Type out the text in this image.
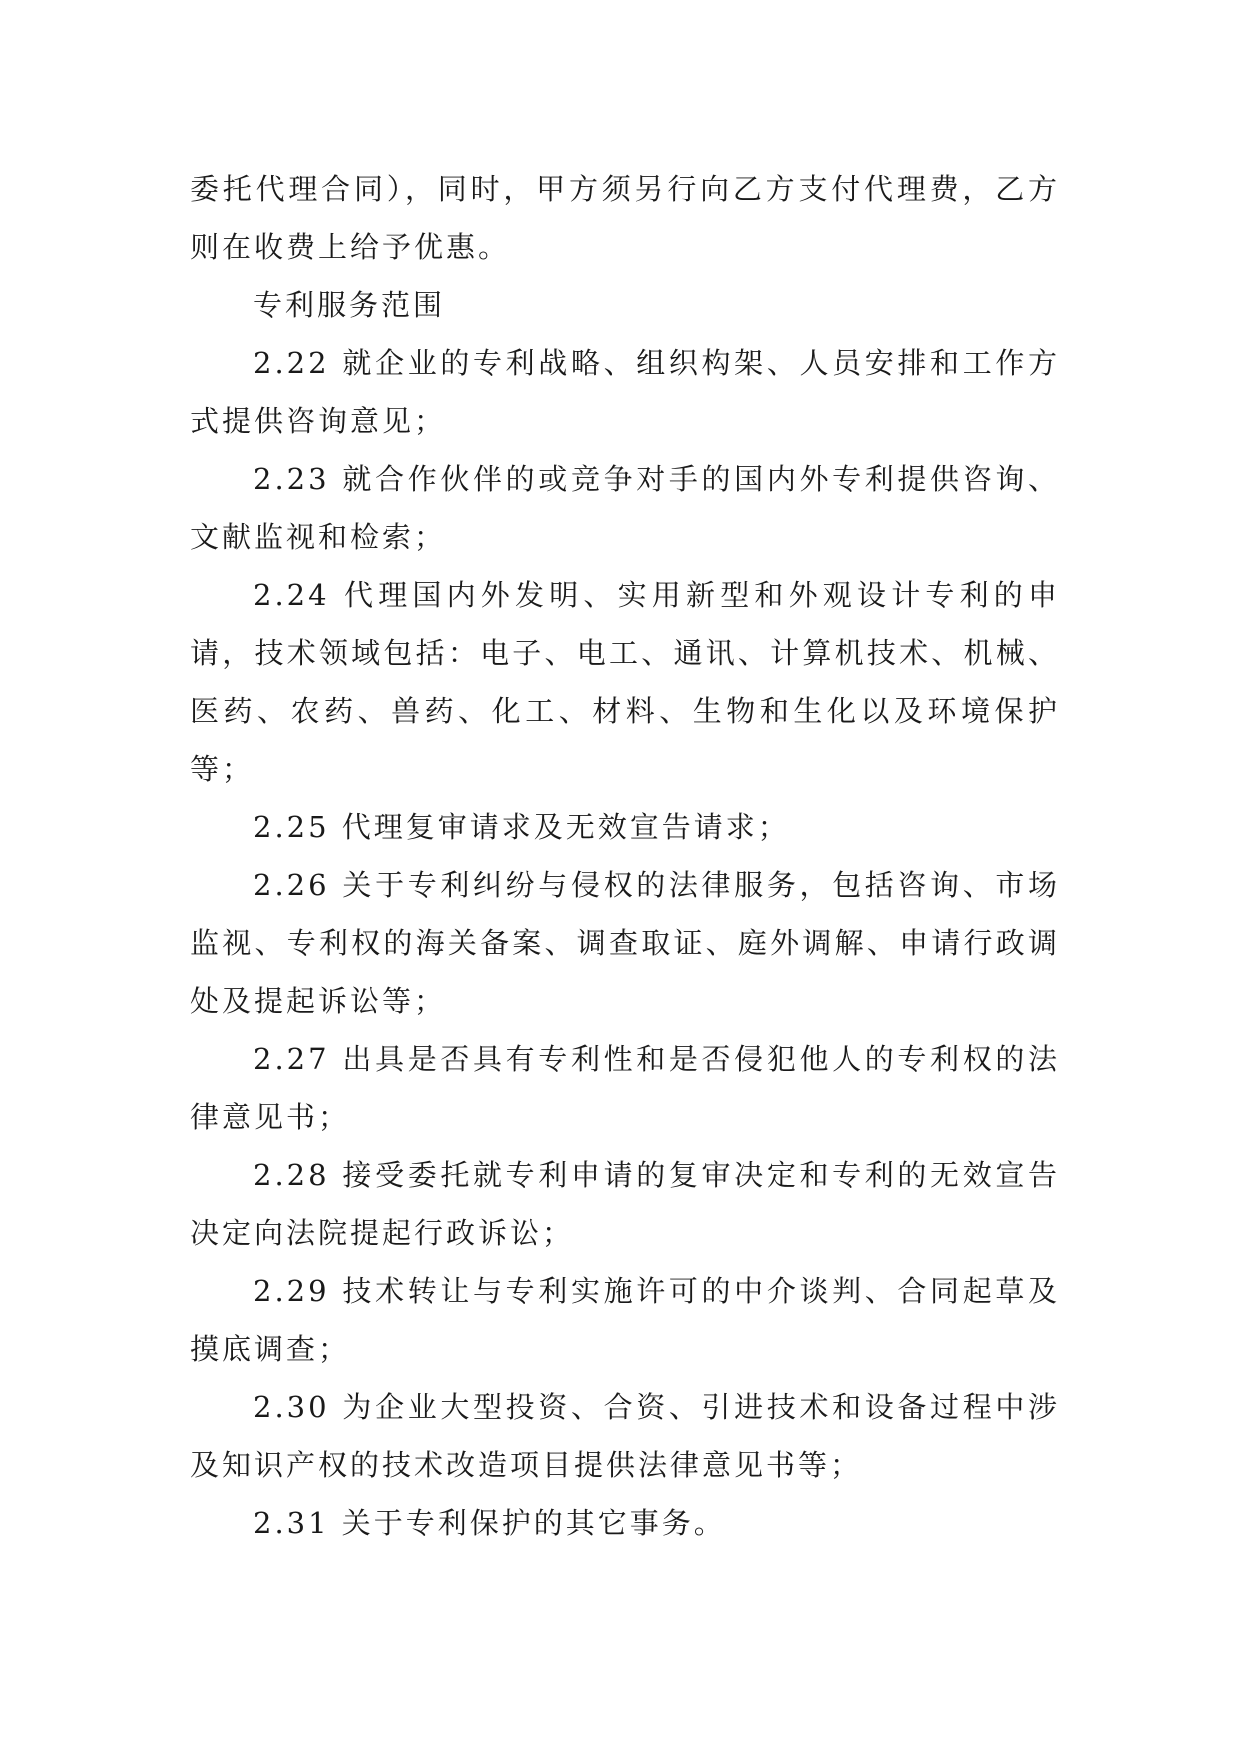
委托代理合同），同时，甲方须另行向乙方支付代理费，乙方则在收费上给予优惠。

专利服务范围

2.22 就企业的专利战略、组织构架、人员安排和工作方式提供咨询意见；

2.23 就合作伙伴的或竞争对手的国内外专利提供咨询、文献监视和检索；

2.24 代理国内外发明、实用新型和外观设计专利的申请，技术领域包括：电子、电工、通讯、计算机技术、机械、医药、农药、兽药、化工、材料、生物和生化以及环境保护等；

2.25 代理复审请求及无效宣告请求；

2.26 关于专利纠纷与侵权的法律服务，包括咨询、市场监视、专利权的海关备案、调查取证、庭外调解、申请行政调处及提起诉讼等；

2.27 出具是否具有专利性和是否侵犯他人的专利权的法律意见书；

2.28 接受委托就专利申请的复审决定和专利的无效宣告决定向法院提起行政诉讼；

2.29 技术转让与专利实施许可的中介谈判、合同起草及摸底调查；

2.30 为企业大型投资、合资、引进技术和设备过程中涉及知识产权的技术改造项目提供法律意见书等；

2.31 关于专利保护的其它事务。
